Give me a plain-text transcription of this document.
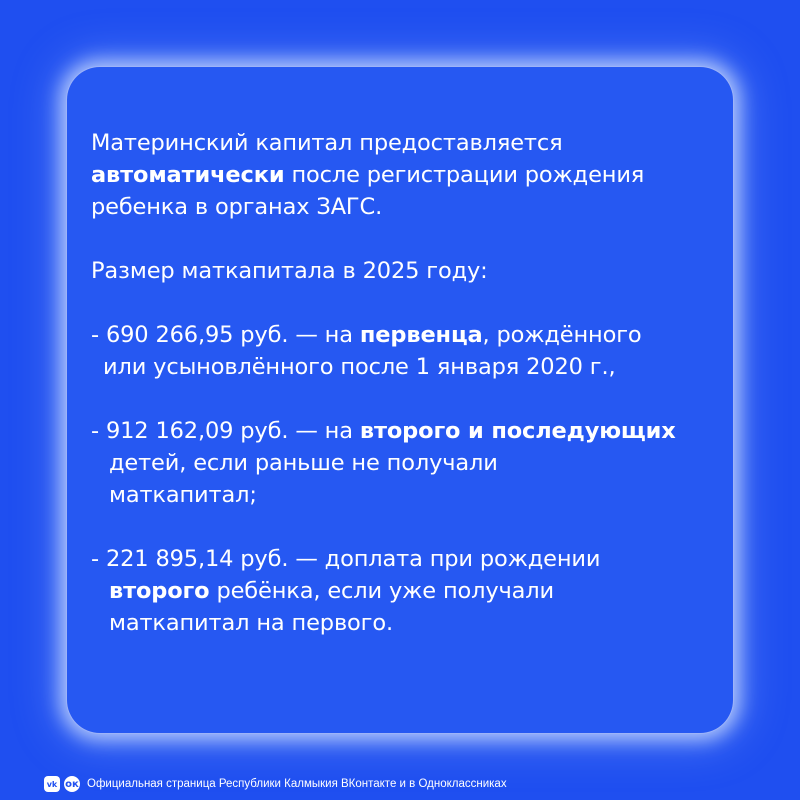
Материнский капитал предоставляется
автоматически после регистрации рождения
ребенка в органах ЗАГС.
Размер маткапитала в 2025 году:
- 690 266,95 руб. — на первенца, рождённого
или усыновлённого после 1 января 2020 г.,
- 912 162,09 руб. — на второго и последующих
детей, если раньше не получали
маткапитал;
- 221 895,14 руб. — доплата при рождении
второго ребёнка, если уже получали
маткапитал на первого.
vk ок Официальная страница Республики Калмыкия ВКонтакте и в Одноклассниках
